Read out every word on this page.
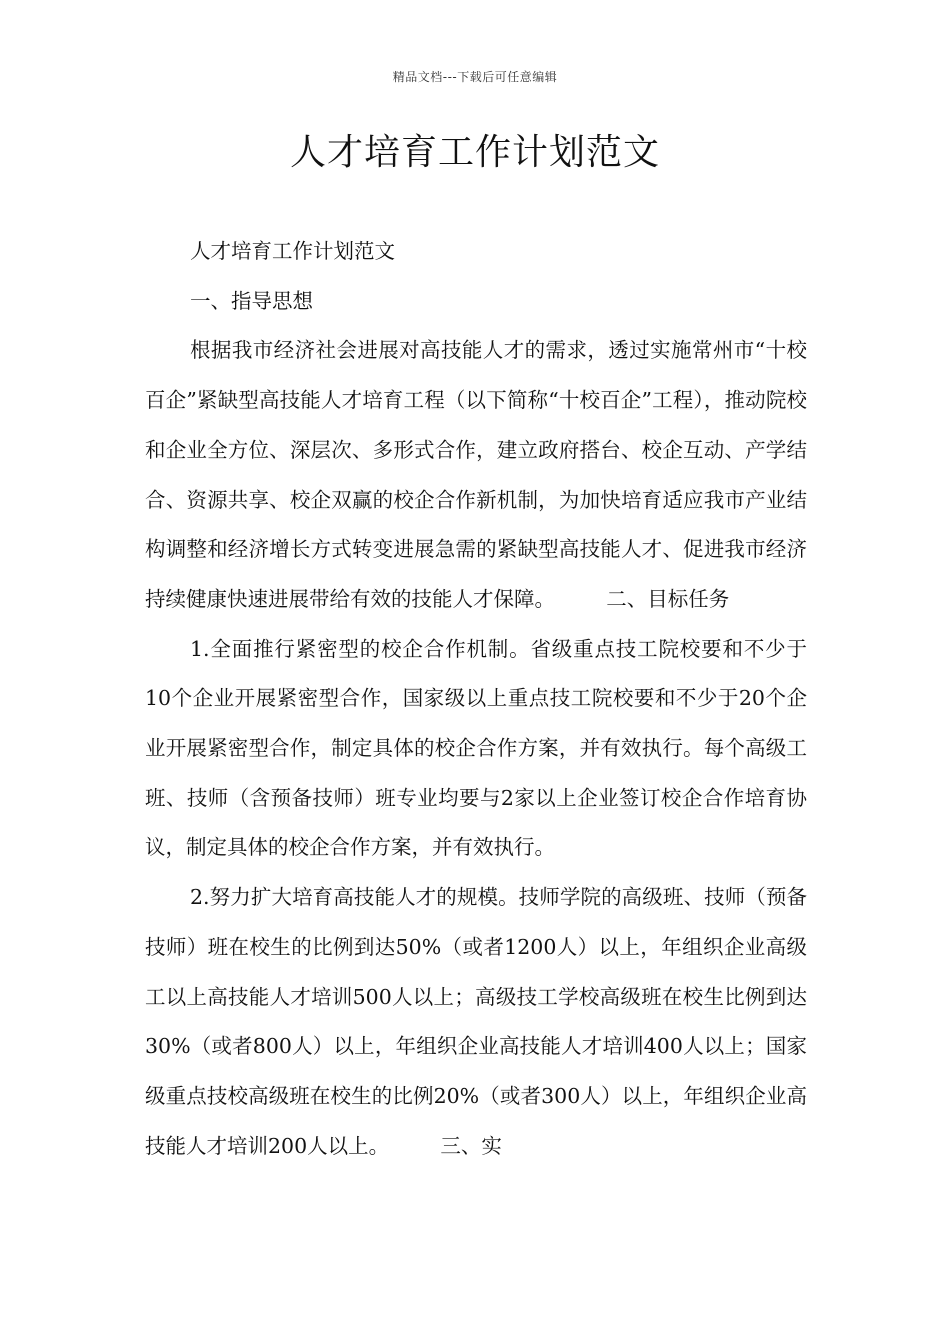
精品文档---下载后可任意编辑
人才培育工作计划范文

人才培育工作计划范文

一、指导思想

根据我市经济社会进展对高技能人才的需求，透过实施常州市“十校百企”紧缺型高技能人才培育工程（以下简称“十校百企”工程），推动院校和企业全方位、深层次、多形式合作，建立政府搭台、校企互动、产学结合、资源共享、校企双赢的校企合作新机制，为加快培育适应我市产业结构调整和经济增长方式转变进展急需的紧缺型高技能人才、促进我市经济持续健康快速进展带给有效的技能人才保障。　　　二、目标任务

1.全面推行紧密型的校企合作机制。省级重点技工院校要和不少于10个企业开展紧密型合作，国家级以上重点技工院校要和不少于20个企业开展紧密型合作，制定具体的校企合作方案，并有效执行。每个高级工班、技师（含预备技师）班专业均要与2家以上企业签订校企合作培育协议，制定具体的校企合作方案，并有效执行。

2.努力扩大培育高技能人才的规模。技师学院的高级班、技师（预备技师）班在校生的比例到达50%（或者1200人）以上，年组织企业高级工以上高技能人才培训500人以上；高级技工学校高级班在校生比例到达30%（或者800人）以上，年组织企业高技能人才培训400人以上；国家级重点技校高级班在校生的比例20%（或者300人）以上，年组织企业高技能人才培训200人以上。　　　三、实
